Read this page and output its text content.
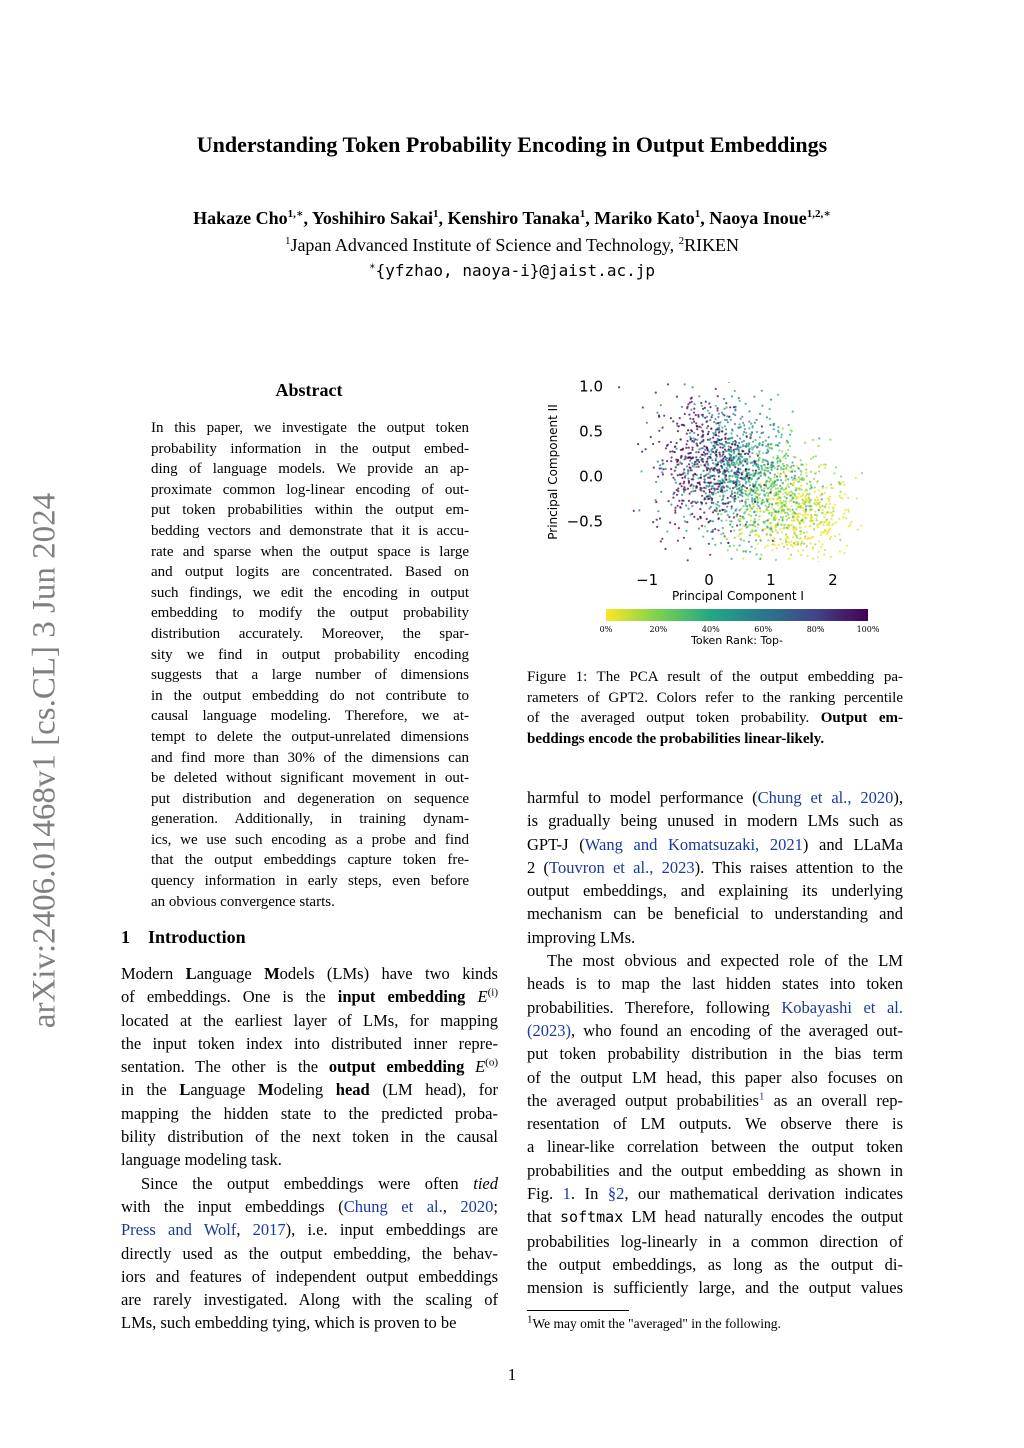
Understanding Token Probability Encoding in Output Embeddings
Hakaze Cho$^{1,∗}$, Yoshihiro Sakai$^1$, Kenshiro Tanaka$^1$, Mariko Kato$^1$, Naoya Inoue$^{1,2,∗}$
$^1$Japan Advanced Institute of Science and Technology, $^2$RIKEN
∗{yfzhao, naoya-i}@jaist.ac.jp
arXiv:2406.01468v1 [cs.CL] 3 Jun 2024
Abstract
In this paper, we investigate the output token
probability information in the output embed-
ding of language models. We provide an ap-
proximate common log-linear encoding of out-
put token probabilities within the output em-
bedding vectors and demonstrate that it is accu-
rate and sparse when the output space is large
and output logits are concentrated. Based on
such findings, we edit the encoding in output
embedding to modify the output probability
distribution accurately. Moreover, the spar-
sity we find in output probability encoding
suggests that a large number of dimensions
in the output embedding do not contribute to
causal language modeling. Therefore, we at-
tempt to delete the output-unrelated dimensions
and find more than 30% of the dimensions can
be deleted without significant movement in out-
put distribution and degeneration on sequence
generation. Additionally, in training dynam-
ics, we use such encoding as a probe and find
that the output embeddings capture token fre-
quency information in early steps, even before
an obvious convergence starts.
1 Introduction
Modern Language Models (LMs) have two kinds
of embeddings. One is the input embedding $E^{(i)}$
located at the earliest layer of LMs, for mapping
the input token index into distributed inner repre-
sentation. The other is the output embedding $E^{(o)}$
in the Language Modeling head (LM head), for
mapping the hidden state to the predicted proba-
bility distribution of the next token in the causal
language modeling task.
Since the output embeddings were often tied
with the input embeddings (Chung et al., 2020;
Press and Wolf, 2017), i.e. input embeddings are
directly used as the output embedding, the behav-
iors and features of independent output embeddings
are rarely investigated. Along with the scaling of
LMs, such embedding tying, which is proven to be
−1	0	1	2
1.0
0.5
0.0
−0.5
Principal Component I
Principal Component II
0%	20%	40%	60%	80%	100%
Token Rank: Top-
Figure 1: The PCA result of the output embedding pa-
rameters of GPT2. Colors refer to the ranking percentile
of the averaged output token probability. Output em-
beddings encode the probabilities linear-likely.
harmful to model performance (Chung et al., 2020),
is gradually being unused in modern LMs such as
GPT-J (Wang and Komatsuzaki, 2021) and LLaMa
2 (Touvron et al., 2023). This raises attention to the
output embeddings, and explaining its underlying
mechanism can be beneficial to understanding and
improving LMs.
The most obvious and expected role of the LM
heads is to map the last hidden states into token
probabilities. Therefore, following Kobayashi et al.
(2023), who found an encoding of the averaged out-
put token probability distribution in the bias term
of the output LM head, this paper also focuses on
the averaged output probabilities$^1$ as an overall rep-
resentation of LM outputs. We observe there is
a linear-like correlation between the output token
probabilities and the output embedding as shown in
Fig. 1. In §2, our mathematical derivation indicates
that softmax LM head naturally encodes the output
probabilities log-linearly in a common direction of
the output embeddings, as long as the output di-
mension is sufficiently large, and the output values
$^1$We may omit the "averaged" in the following.
1
